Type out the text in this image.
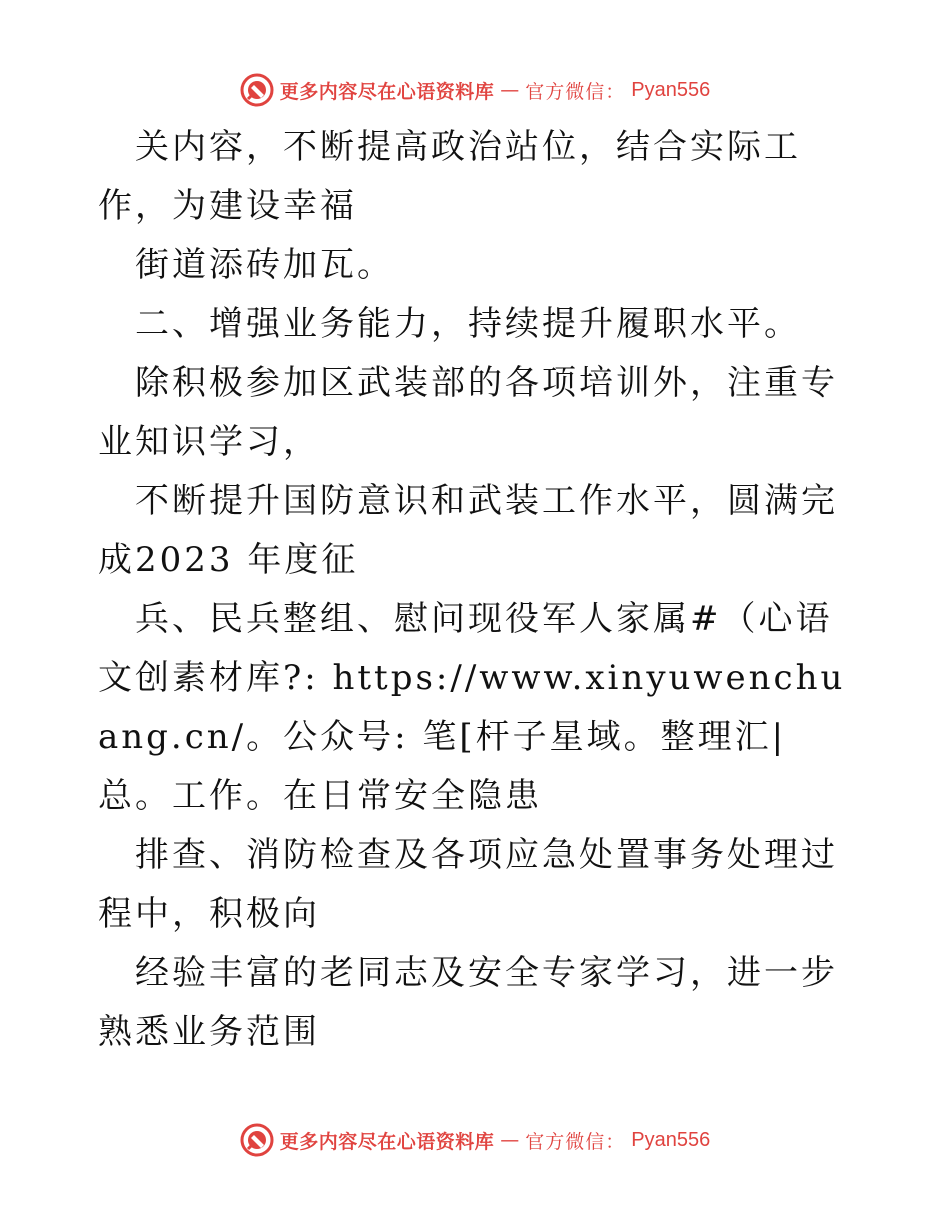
更多内容尽在心语资料库 — 官方微信： Pyan556

关内容，不断提高政治站位，结合实际工作，为建设幸福

街道添砖加瓦。

二、增强业务能力，持续提升履职水平。

除积极参加区武装部的各项培训外，注重专业知识学习，

不断提升国防意识和武装工作水平，圆满完成2023 年度征

兵、民兵整组、慰问现役军人家属#（心语文创素材库?: https://www.xinyuwenchuang.cn/。公众号: 笔[杆子星域。整理汇|总。工作。在日常安全隐患

排查、消防检查及各项应急处置事务处理过程中，积极向

经验丰富的老同志及安全专家学习，进一步熟悉业务范围

更多内容尽在心语资料库 — 官方微信： Pyan556
